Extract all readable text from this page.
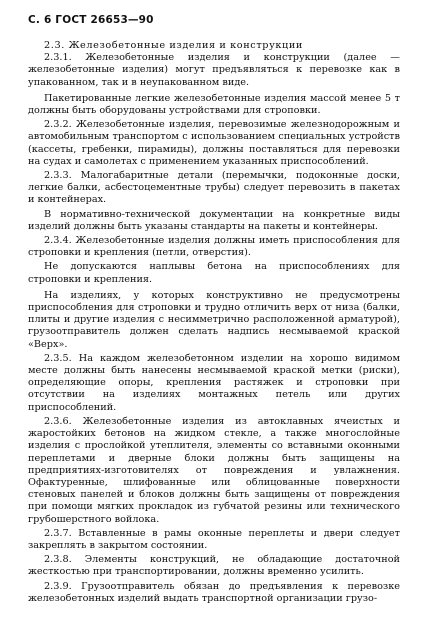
С. 6 ГОСТ 26653—90
2.3. Железобетонные изделия и конструкции

2.3.1. Железобетонные изделия и конструкции (далее — железобетонные изделия) могут предъявляться к перевозке как в упакованном, так и в неупакованном виде.

Пакетированные легкие железобетонные изделия массой менее 5 т должны быть оборудованы устройствами для строповки.

2.3.2. Железобетонные изделия, перевозимые железнодорожным и автомобильным транспортом с использованием специальных устройств (кассеты, гребенки, пирамиды), должны поставляться для перевозки на судах и самолетах с применением указанных приспособлений.

2.3.3. Малогабаритные детали (перемычки, подоконные доски, легкие балки, асбестоцементные трубы) следует перевозить в пакетах и контейнерах.

В нормативно-технической документации на конкретные виды изделий должны быть указаны стандарты на пакеты и контейнеры.

2.3.4. Железобетонные изделия должны иметь приспособления для строповки и крепления (петли, отверстия).

Не допускаются наплывы бетона на приспособлениях для строповки и крепления.

На изделиях, у которых конструктивно не предусмотрены приспособления для строповки и трудно отличить верх от низа (балки, плиты и другие изделия с несимметрично расположенной арматурой), грузоотправитель должен сделать надпись несмываемой краской «Верх».

2.3.5. На каждом железобетонном изделии на хорошо видимом месте должны быть нанесены несмываемой краской метки (риски), определяющие опоры, крепления растяжек и строповки при отсутствии на изделиях монтажных петель или других приспособлений.

2.3.6. Железобетонные изделия из автоклавных ячеистых и жаростойких бетонов на жидком стекле, а также многослойные изделия с прослойкой утеплителя, элементы со вставными оконными переплетами и дверные блоки должны быть защищены на предприятиях-изготовителях от повреждения и увлажнения. Офактуренные, шлифованные или облицованные поверхности стеновых панелей и блоков должны быть защищены от повреждения при помощи мягких прокладок из губчатой резины или технического грубошерстного войлока.

2.3.7. Вставленные в рамы оконные переплеты и двери следует закреплять в закрытом состоянии.

2.3.8. Элементы конструкций, не обладающие достаточной жесткостью при транспортировании, должны временно усилить.

2.3.9. Грузоотправитель обязан до предъявления к перевозке железобетонных изделий выдать транспортной организации грузо-
